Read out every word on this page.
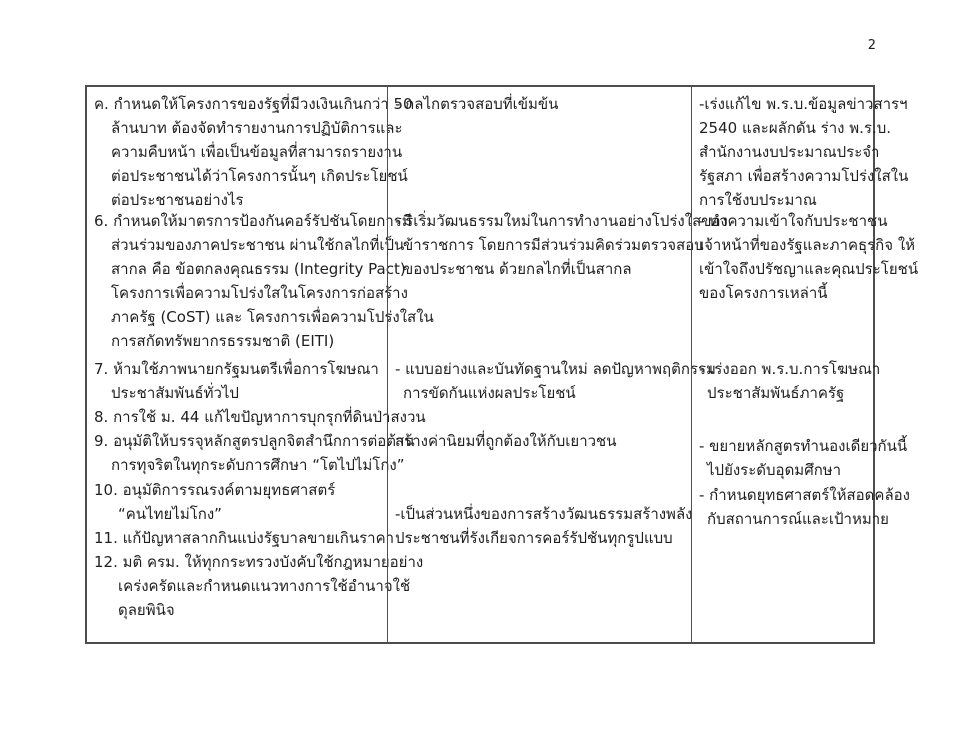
2
ค. กำหนดให้โครงการของรัฐที่มีวงเงินเกินกว่า 50
ล้านบาท ต้องจัดทำรายงานการปฏิบัติการและ
ความคืบหน้า เพื่อเป็นข้อมูลที่สามารถรายงาน
ต่อประชาชนได้ว่าโครงการนั้นๆ เกิดประโยชน์
ต่อประชาชนอย่างไร
6. กำหนดให้มาตรการป้องกันคอร์รัปชันโดยการมี
ส่วนร่วมของภาคประชาชน ผ่านใช้กลไกที่เป็น
สากล คือ ข้อตกลงคุณธรรม (Integrity Pact)
โครงการเพื่อความโปร่งใสในโครงการก่อสร้าง
ภาครัฐ (CoST) และ โครงการเพื่อความโปร่งใสใน
การสกัดทรัพยากรธรรมชาติ (EITI)
7. ห้ามใช้ภาพนายกรัฐมนตรีเพื่อการโฆษณา
ประชาสัมพันธ์ทั่วไป
8. การใช้ ม. 44 แก้ไขปัญหาการบุกรุกที่ดินป่าสงวน
9. อนุมัติให้บรรจุหลักสูตรปลูกจิตสำนึกการต่อต้าน
การทุจริตในทุกระดับการศึกษา “โตไปไม่โกง”
10. อนุมัติการรณรงค์ตามยุทธศาสตร์
“คนไทยไม่โกง”
11. แก้ปัญหาสลากกินแบ่งรัฐบาลขายเกินราคา
12. มติ ครม. ให้ทุกกระทรวงบังคับใช้กฎหมายอย่าง
เคร่งครัดและกำหนดแนวทางการใช้อำนาจใช้
ดุลยพินิจ
- กลไกตรวจสอบที่เข้มข้น
- ริเริ่มวัฒนธรรมใหม่ในการทำงานอย่างโปร่งใสของ
ข้าราชการ โดยการมีส่วนร่วมคิดร่วมตรวจสอบ
ของประชาชน ด้วยกลไกที่เป็นสากล
- แบบอย่างและบันทัดฐานใหม่ ลดปัญหาพฤติกรรม
การขัดกันแห่งผลประโยชน์
สร้างค่านิยมที่ถูกต้องให้กับเยาวชน
-เป็นส่วนหนึ่งของการสร้างวัฒนธรรมสร้างพลัง
ประชาชนที่รังเกียจการคอร์รัปชันทุกรูปแบบ
-เร่งแก้ไข พ.ร.บ.ข้อมูลข่าวสารฯ
2540 และผลักดัน ร่าง พ.ร.บ.
สำนักงานงบประมาณประจำ
รัฐสภา เพื่อสร้างความโปร่งใสใน
การใช้งบประมาณ
- ทำความเข้าใจกับประชาชน
เจ้าหน้าที่ของรัฐและภาคธุรกิจ ให้
เข้าใจถึงปรัชญาและคุณประโยชน์
ของโครงการเหล่านี้
- เร่งออก พ.ร.บ.การโฆษณา
ประชาสัมพันธ์ภาครัฐ
- ขยายหลักสูตรทำนองเดียวกันนี้
ไปยังระดับอุดมศึกษา
- กำหนดยุทธศาสตร์ให้สอดคล้อง
กับสถานการณ์และเป้าหมาย
